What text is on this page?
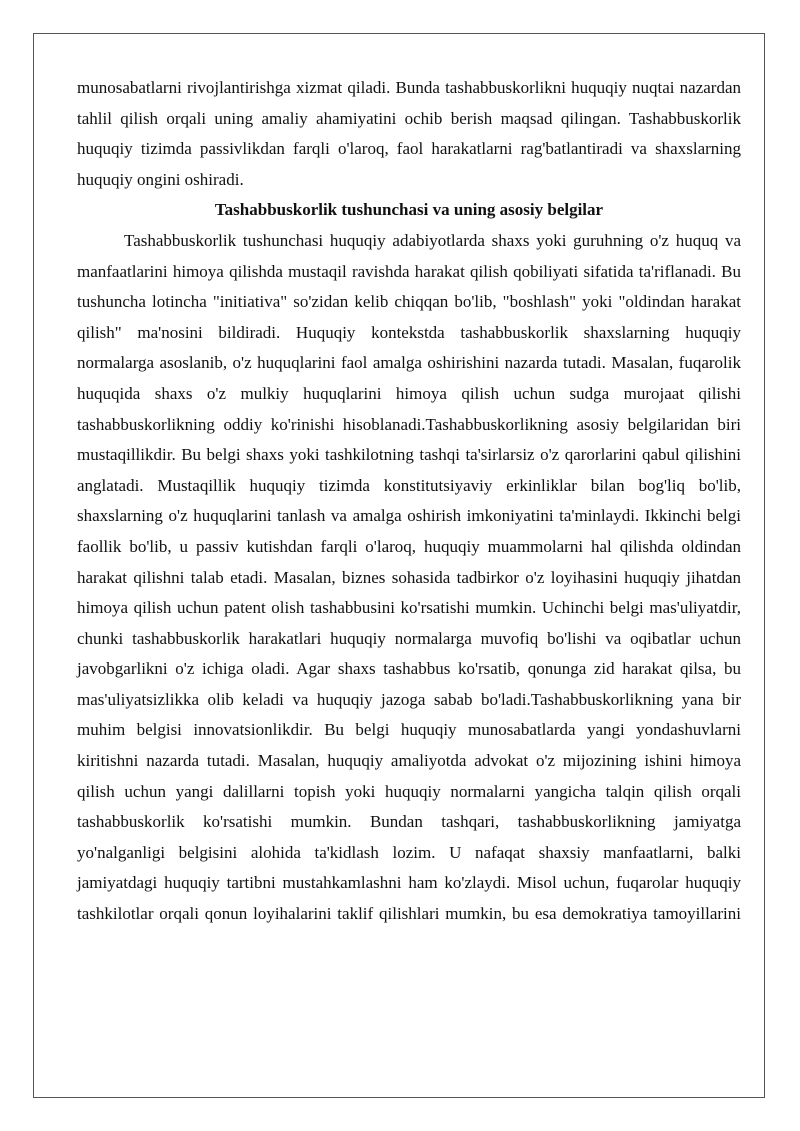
munosabatlarni rivojlantirishga xizmat qiladi. Bunda tashabbuskorlikni huquqiy nuqtai nazardan tahlil qilish orqali uning amaliy ahamiyatini ochib berish maqsad qilingan. Tashabbuskorlik huquqiy tizimda passivlikdan farqli o'laroq, faol harakatlarni rag'batlantiradi va shaxslarning huquqiy ongini oshiradi.

Tashabbuskorlik tushunchasi va uning asosiy belgilar

Tashabbuskorlik tushunchasi huquqiy adabiyotlarda shaxs yoki guruhning o'z huquq va manfaatlarini himoya qilishda mustaqil ravishda harakat qilish qobiliyati sifatida ta'riflanadi. Bu tushuncha lotincha "initiativa" so'zidan kelib chiqqan bo'lib, "boshlash" yoki "oldindan harakat qilish" ma'nosini bildiradi. Huquqiy kontekstda tashabbuskorlik shaxslarning huquqiy normalarga asoslanib, o'z huquqlarini faol amalga oshirishini nazarda tutadi. Masalan, fuqarolik huquqida shaxs o'z mulkiy huquqlarini himoya qilish uchun sudga murojaat qilishi tashabbuskorlikning oddiy ko'rinishi hisoblanadi.Tashabbuskorlikning asosiy belgilaridan biri mustaqillikdir. Bu belgi shaxs yoki tashkilotning tashqi ta'sirlarsiz o'z qarorlarini qabul qilishini anglatadi. Mustaqillik huquqiy tizimda konstitutsiyaviy erkinliklar bilan bog'liq bo'lib, shaxslarning o'z huquqlarini tanlash va amalga oshirish imkoniyatini ta'minlaydi. Ikkinchi belgi faollik bo'lib, u passiv kutishdan farqli o'laroq, huquqiy muammolarni hal qilishda oldindan harakat qilishni talab etadi. Masalan, biznes sohasida tadbirkor o'z loyihasini huquqiy jihatdan himoya qilish uchun patent olish tashabbusini ko'rsatishi mumkin. Uchinchi belgi mas'uliyatdir, chunki tashabbuskorlik harakatlari huquqiy normalarga muvofiq bo'lishi va oqibatlar uchun javobgarlikni o'z ichiga oladi. Agar shaxs tashabbus ko'rsatib, qonunga zid harakat qilsa, bu mas'uliyatsizlikka olib keladi va huquqiy jazoga sabab bo'ladi.Tashabbuskorlikning yana bir muhim belgisi innovatsionlikdir. Bu belgi huquqiy munosabatlarda yangi yondashuvlarni kiritishni nazarda tutadi. Masalan, huquqiy amaliyotda advokat o'z mijozining ishini himoya qilish uchun yangi dalillarni topish yoki huquqiy normalarni yangicha talqin qilish orqali tashabbuskorlik ko'rsatishi mumkin. Bundan tashqari, tashabbuskorlikning jamiyatga yo'nalganligi belgisini alohida ta'kidlash lozim. U nafaqat shaxsiy manfaatlarni, balki jamiyatdagi huquqiy tartibni mustahkamlashni ham ko'zlaydi. Misol uchun, fuqarolar huquqiy tashkilotlar orqali qonun loyihalarini taklif qilishlari mumkin, bu esa demokratiya tamoyillarini
